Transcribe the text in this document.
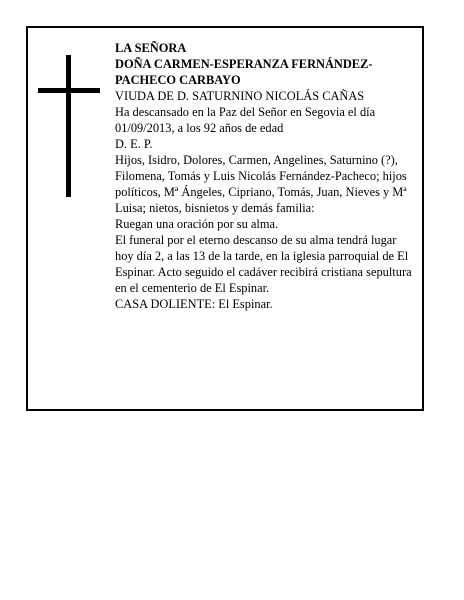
LA SEÑORA

DOÑA CARMEN-ESPERANZA FERNÁNDEZ-PACHECO CARBAYO

VIUDA DE D. SATURNINO NICOLÁS CAÑAS

Ha descansado en la Paz del Señor en Segovia el día 01/09/2013, a los 92 años de edad

D. E. P.

Hijos, Isidro, Dolores, Carmen, Angelines, Saturnino (?), Filomena, Tomás y Luis Nicolás Fernández-Pacheco; hijos políticos, Mª Ángeles, Cipriano, Tomás, Juan, Nieves y Mª Luisa; nietos, bisnietos y demás familia:

Ruegan una oración por su alma.

El funeral por el eterno descanso de su alma tendrá lugar hoy día 2, a las 13 de la tarde, en la iglesia parroquial de El Espinar. Acto seguido el cadáver recibirá cristiana sepultura en el cementerio de El Espinar.

CASA DOLIENTE: El Espinar.
